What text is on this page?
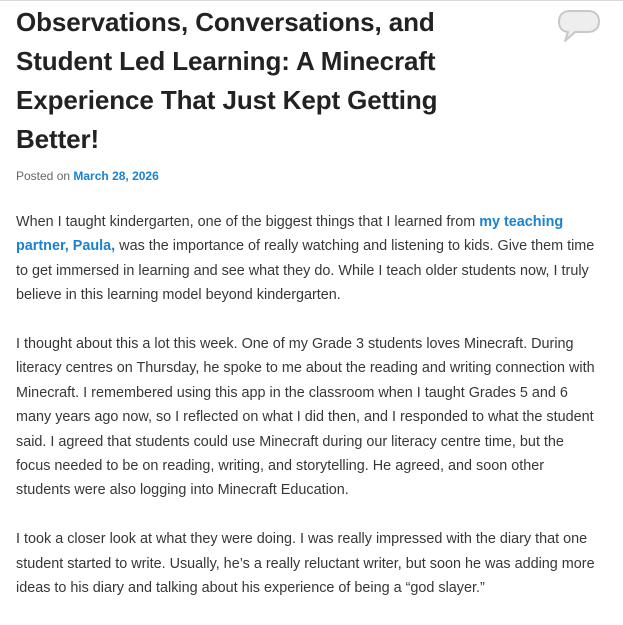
Observations, Conversations, and Student Led Learning: A Minecraft Experience That Just Kept Getting Better!
Posted on March 28, 2026

When I taught kindergarten, one of the biggest things that I learned from my teaching partner, Paula, was the importance of really watching and listening to kids. Give them time to get immersed in learning and see what they do. While I teach older students now, I truly believe in this learning model beyond kindergarten.

I thought about this a lot this week. One of my Grade 3 students loves Minecraft. During literacy centres on Thursday, he spoke to me about the reading and writing connection with Minecraft. I remembered using this app in the classroom when I taught Grades 5 and 6 many years ago now, so I reflected on what I did then, and I responded to what the student said. I agreed that students could use Minecraft during our literacy centre time, but the focus needed to be on reading, writing, and storytelling. He agreed, and soon other students were also logging into Minecraft Education.

I took a closer look at what they were doing. I was really impressed with the diary that one student started to write. Usually, he’s a really reluctant writer, but soon he was adding more ideas to his diary and talking about his experience of being a “god slayer.”
